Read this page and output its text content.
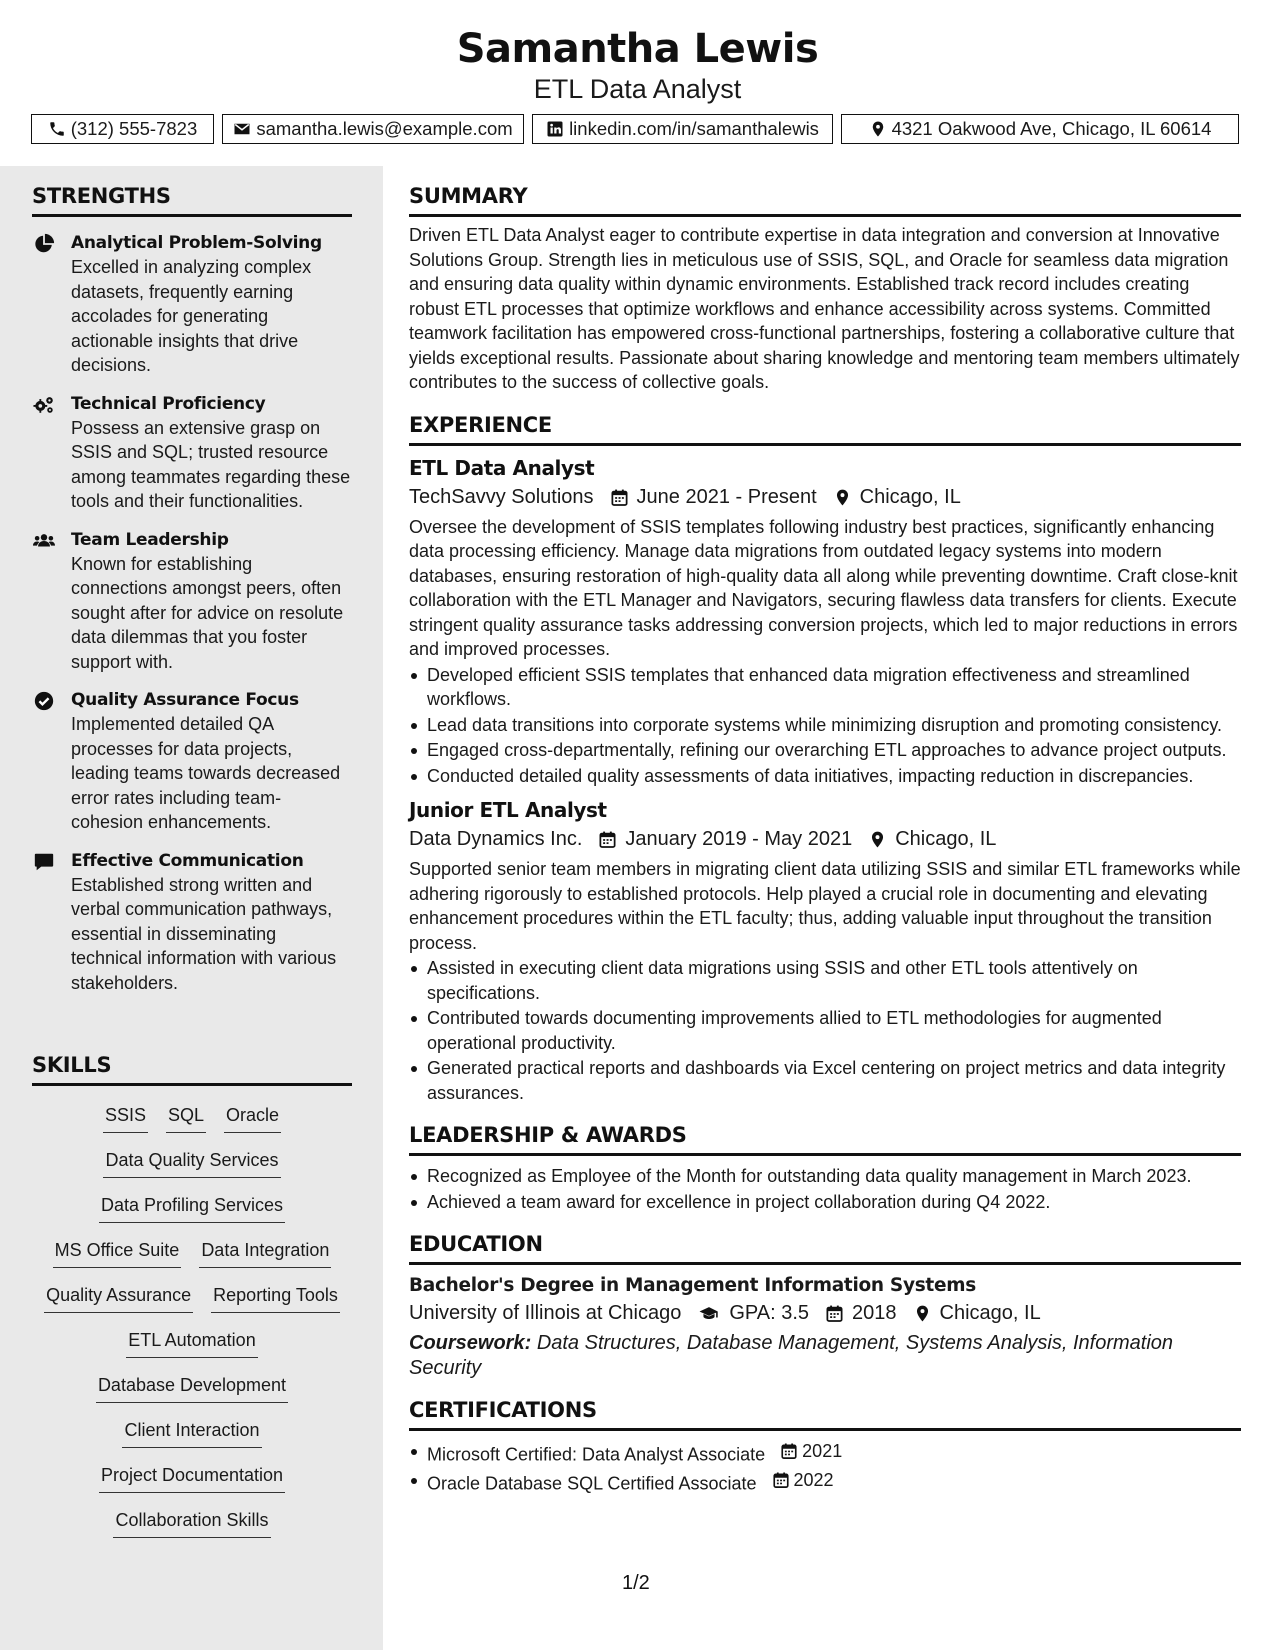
Samantha Lewis
ETL Data Analyst
(312) 555-7823	samantha.lewis@example.com	linkedin.com/in/samanthalewis	4321 Oakwood Ave, Chicago, IL 60614
STRENGTHS
Analytical Problem-Solving
Excelled in analyzing complex datasets, frequently earning accolades for generating actionable insights that drive decisions.
Technical Proficiency
Possess an extensive grasp on SSIS and SQL; trusted resource among teammates regarding these tools and their functionalities.
Team Leadership
Known for establishing connections amongst peers, often sought after for advice on resolute data dilemmas that you foster support with.
Quality Assurance Focus
Implemented detailed QA processes for data projects, leading teams towards decreased error rates including team-cohesion enhancements.
Effective Communication
Established strong written and verbal communication pathways, essential in disseminating technical information with various stakeholders.
SKILLS
SSIS SQL Oracle
Data Quality Services
Data Profiling Services
MS Office Suite Data Integration
Quality Assurance Reporting Tools
ETL Automation
Database Development
Client Interaction
Project Documentation
Collaboration Skills
SUMMARY
Driven ETL Data Analyst eager to contribute expertise in data integration and conversion at Innovative Solutions Group. Strength lies in meticulous use of SSIS, SQL, and Oracle for seamless data migration and ensuring data quality within dynamic environments. Established track record includes creating robust ETL processes that optimize workflows and enhance accessibility across systems. Committed teamwork facilitation has empowered cross-functional partnerships, fostering a collaborative culture that yields exceptional results. Passionate about sharing knowledge and mentoring team members ultimately contributes to the success of collective goals.
EXPERIENCE
ETL Data Analyst
TechSavvy Solutions June 2021 - Present Chicago, IL
Oversee the development of SSIS templates following industry best practices, significantly enhancing data processing efficiency. Manage data migrations from outdated legacy systems into modern databases, ensuring restoration of high-quality data all along while preventing downtime. Craft close-knit collaboration with the ETL Manager and Navigators, securing flawless data transfers for clients. Execute stringent quality assurance tasks addressing conversion projects, which led to major reductions in errors and improved processes.
Developed efficient SSIS templates that enhanced data migration effectiveness and streamlined workflows.
Lead data transitions into corporate systems while minimizing disruption and promoting consistency.
Engaged cross-departmentally, refining our overarching ETL approaches to advance project outputs.
Conducted detailed quality assessments of data initiatives, impacting reduction in discrepancies.
Junior ETL Analyst
Data Dynamics Inc. January 2019 - May 2021 Chicago, IL
Supported senior team members in migrating client data utilizing SSIS and similar ETL frameworks while adhering rigorously to established protocols. Help played a crucial role in documenting and elevating enhancement procedures within the ETL faculty; thus, adding valuable input throughout the transition process.
Assisted in executing client data migrations using SSIS and other ETL tools attentively on specifications.
Contributed towards documenting improvements allied to ETL methodologies for augmented operational productivity.
Generated practical reports and dashboards via Excel centering on project metrics and data integrity assurances.
LEADERSHIP & AWARDS
Recognized as Employee of the Month for outstanding data quality management in March 2023.
Achieved a team award for excellence in project collaboration during Q4 2022.
EDUCATION
Bachelor's Degree in Management Information Systems
University of Illinois at Chicago GPA: 3.5 2018 Chicago, IL
Coursework: Data Structures, Database Management, Systems Analysis, Information Security
CERTIFICATIONS
Microsoft Certified: Data Analyst Associate 2021
Oracle Database SQL Certified Associate 2022
1/2
